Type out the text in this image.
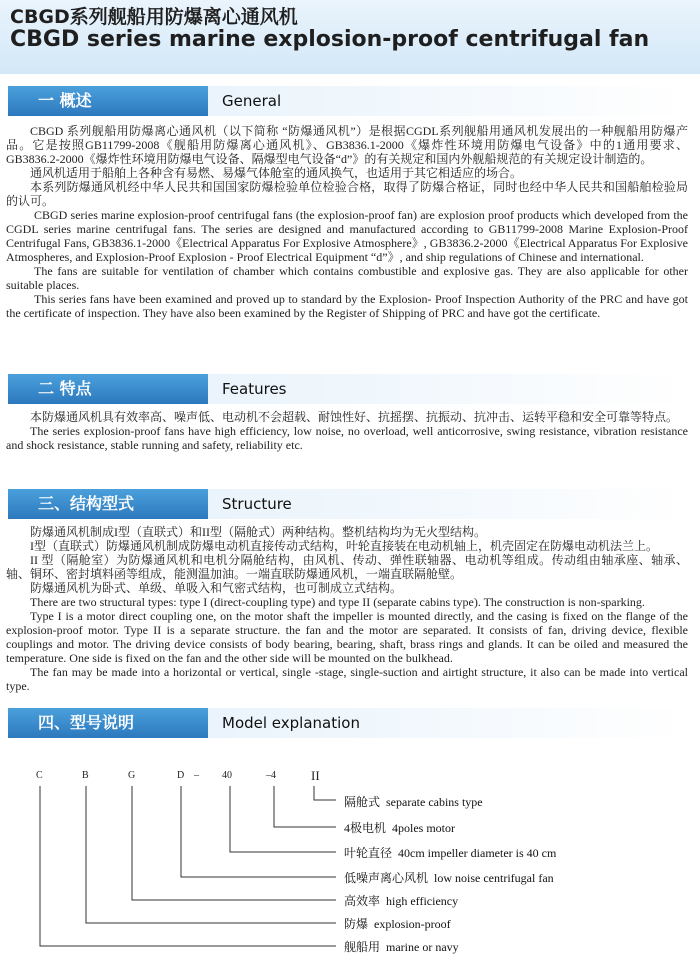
CBGD系列舰船用防爆离心通风机
CBGD series marine explosion-proof centrifugal fan
一 概述	General

CBGD 系列舰船用防爆离心通风机（以下简称 “防爆通风机”）是根据CGDL系列舰船用通风机发展出的一种舰船用防爆产品。它是按照GB11799-2008《舰船用防爆离心通风机》、GB3836.1-2000《爆炸性环境用防爆电气设备》中的1通用要求、GB3836.2-2000《爆炸性环境用防爆电气设备、隔爆型电气设备“d”》的有关规定和国内外舰船规范的有关规定设计制造的。

通风机适用于船舶上各种含有易燃、易爆气体舱室的通风换气，也适用于其它相适应的场合。

本系列防爆通风机经中华人民共和国国家防爆检验单位检验合格，取得了防爆合格证，同时也经中华人民共和国船舶检验局的认可。

CBGD series marine explosion-proof centrifugal fans (the explosion-proof fan) are explosion proof products which developed from the CGDL series marine centrifugal fans. The series are designed and manufactured according to GB11799-2008 Marine Explosion-Proof Centrifugal Fans, GB3836.1-2000《Electrical Apparatus For Explosive Atmosphere》, GB3836.2-2000《Electrical Apparatus For Explosive Atmospheres, and Explosion-Proof Explosion - Proof Electrical Equipment “d”》, and ship regulations of Chinese and international.

The fans are suitable for ventilation of chamber which contains combustible and explosive gas. They are also applicable for other suitable places.

This series fans have been examined and proved up to standard by the Explosion- Proof Inspection Authority of the PRC and have got the certificate of inspection. They have also been examined by the Register of Shipping of PRC and have got the certificate.

二 特点	Features

本防爆通风机具有效率高、噪声低、电动机不会超载、耐蚀性好、抗摇摆、抗振动、抗冲击、运转平稳和安全可靠等特点。

The series explosion-proof fans have high efficiency, low noise, no overload, well anticorrosive, swing resistance, vibration resistance and shock resistance, stable running and safety, reliability etc.

三、结构型式	Structure

防爆通风机制成I型（直联式）和II型（隔舱式）两种结构。整机结构均为无火型结构。

I型（直联式）防爆通风机制成防爆电动机直接传动式结构，叶轮直接装在电动机轴上，机壳固定在防爆电动机法兰上。

II 型（隔舱室）为防爆通风机和电机分隔舱结构，由风机、传动、弹性联轴器、电动机等组成。传动组由轴承座、轴承、轴、铜环、密封填料函等组成，能测温加油。一端直联防爆通风机，一端直联隔舱壁。

防爆通风机为卧式、单级、单吸入和气密式结构，也可制成立式结构。

There are two structural types: type I (direct-coupling type) and type II (separate cabins type). The construction is non-sparking.

Type I is a motor direct coupling one, on the motor shaft the impeller is mounted directly, and the casing is fixed on the flange of the explosion-proof motor. Type II is a separate structure. the fan and the motor are separated. It consists of fan, driving device, flexible couplings and motor. The driving device consists of body bearing, bearing, shaft, brass rings and glands. It can be oiled and measured the temperature. One side is fixed on the fan and the other side will be mounted on the bulkhead.

The fan may be made into a horizontal or vertical, single -stage, single-suction and airtight structure, it also can be made into vertical type.

四、型号说明	Model explanation
C	B	G	D – 40	–4	II
隔舱式 separate cabins type
4极电机 4poles motor
叶轮直径 40cm impeller diameter is 40 cm
低噪声离心风机 low noise centrifugal fan
高效率 high efficiency
防爆 explosion-proof
舰船用 marine or navy
